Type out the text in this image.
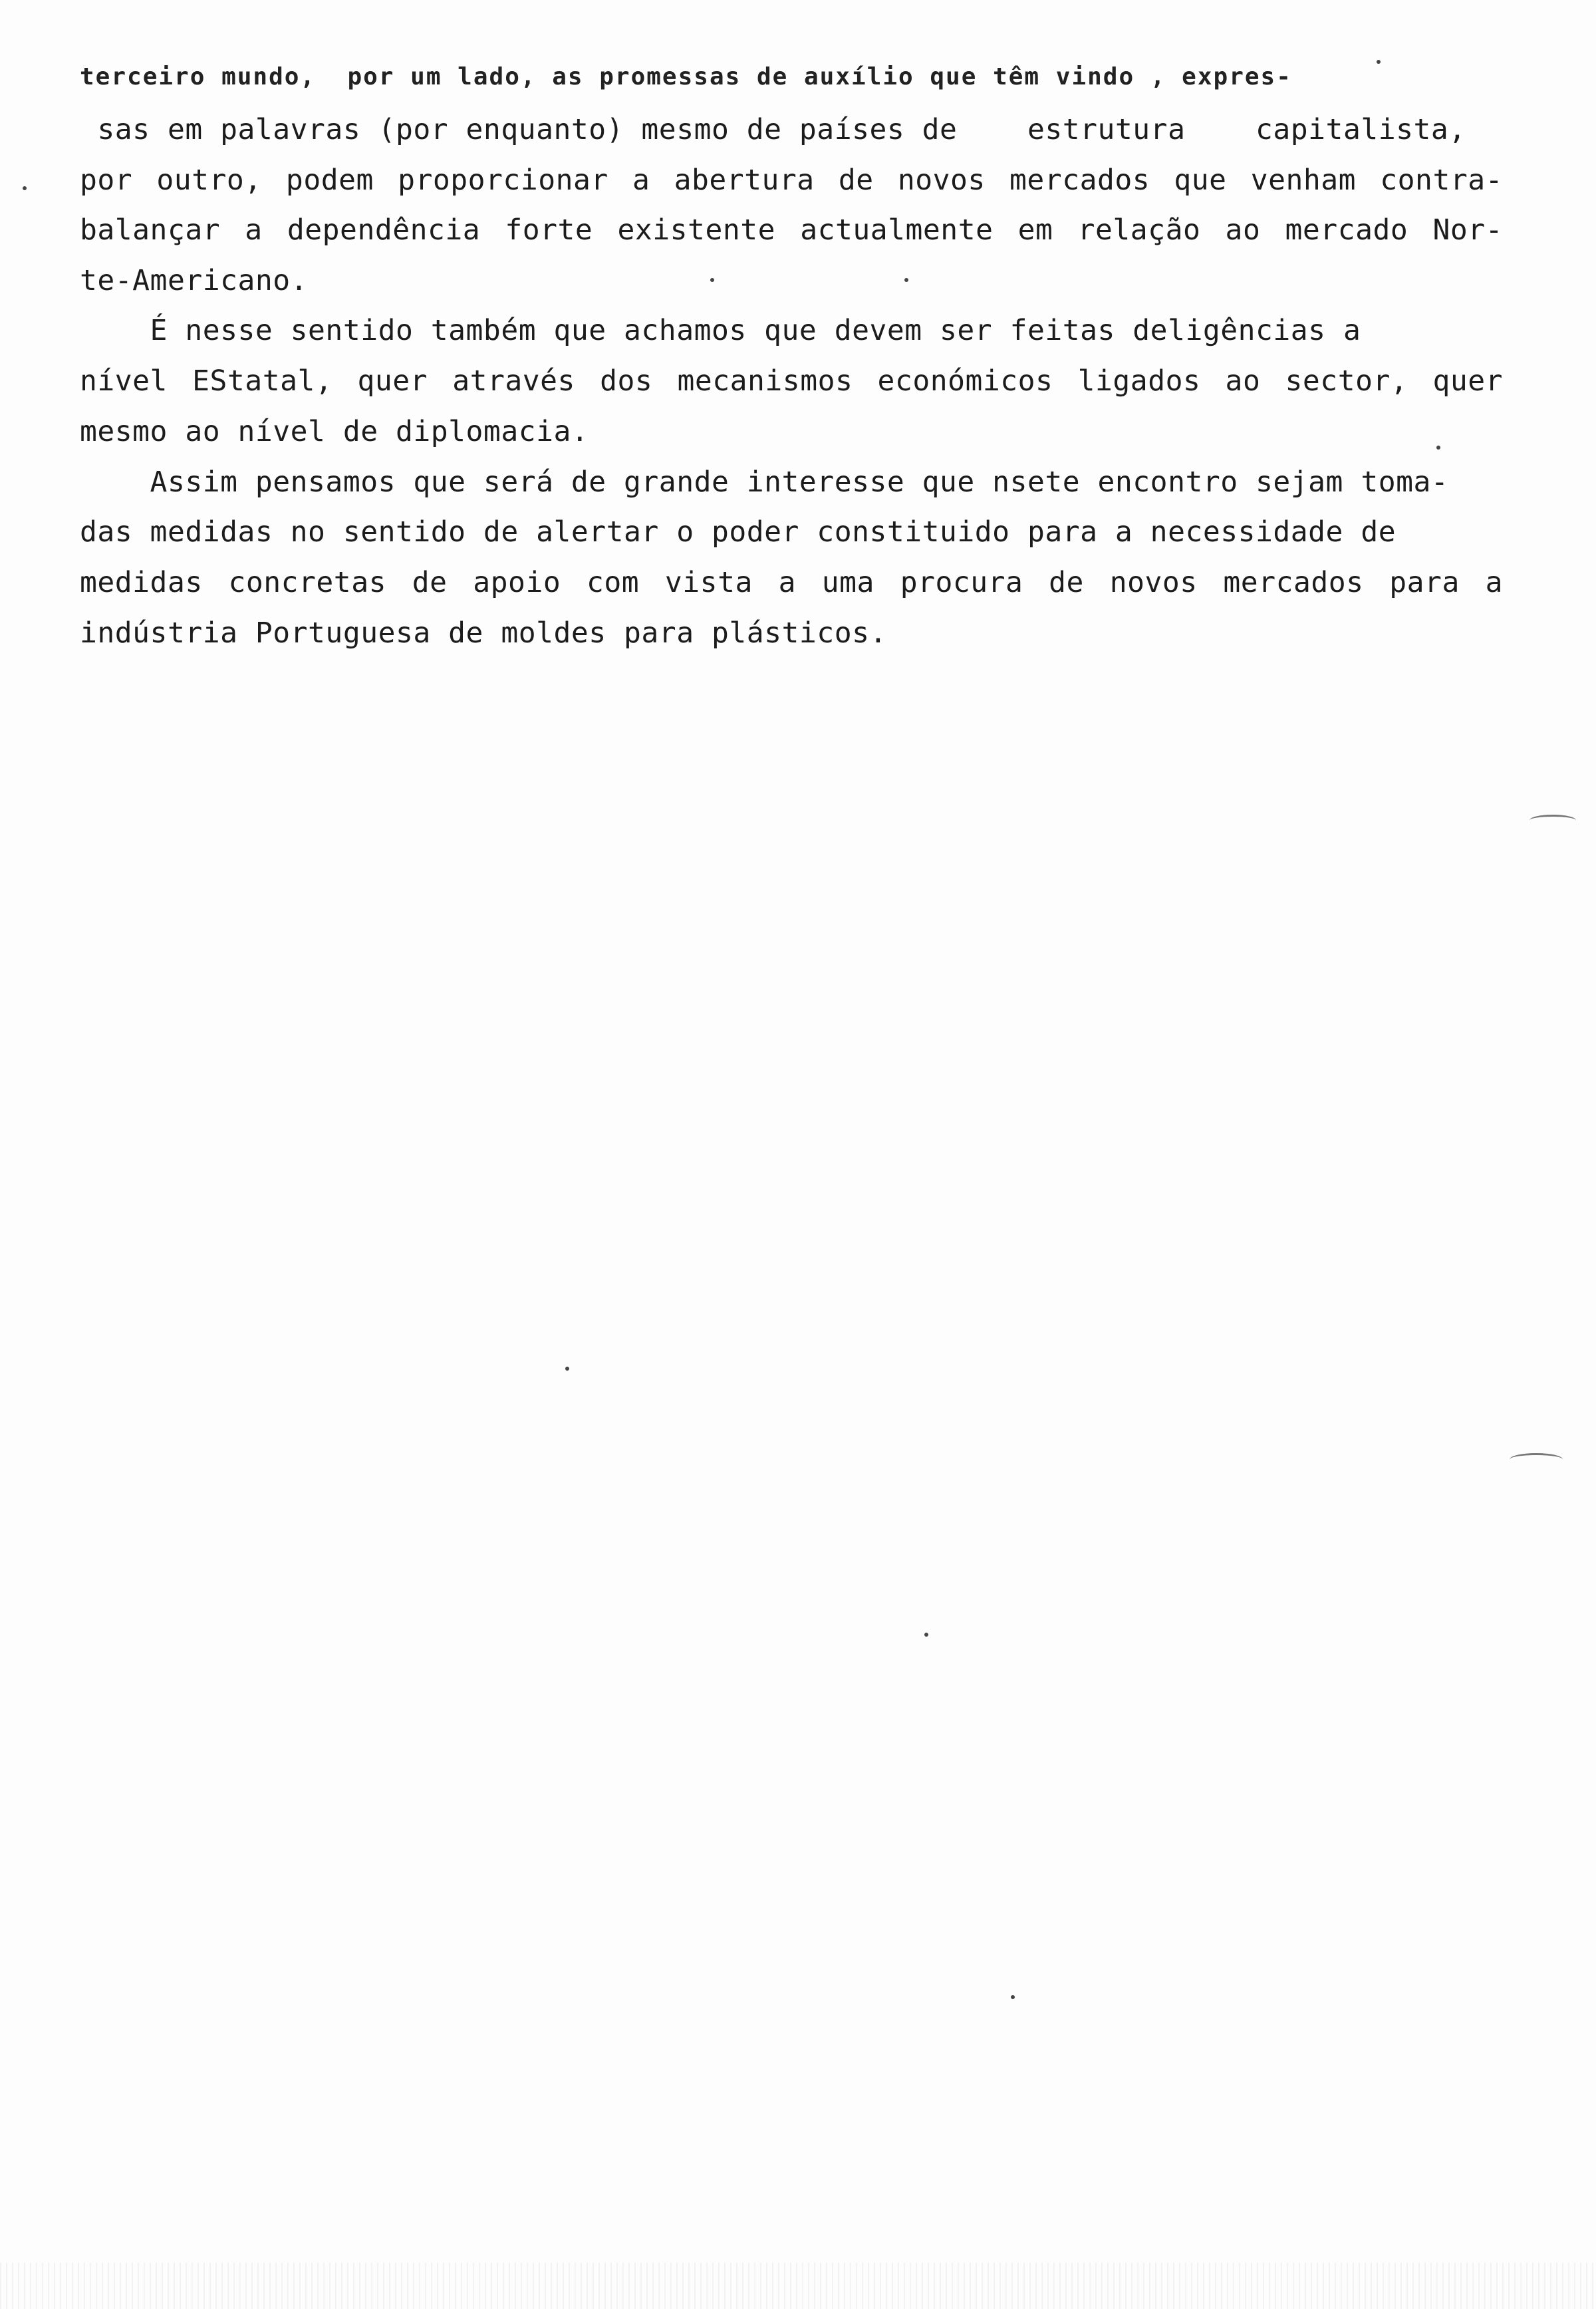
terceiro mundo,  por um lado, as promessas de auxílio que têm vindo , expres-
sas em palavras (por enquanto) mesmo de países de    estrutura    capitalista,
por outro, podem proporcionar a abertura de novos mercados que venham contra-
balançar a dependência forte existente actualmente em relação ao mercado Nor-
te-Americano.
É nesse sentido também que achamos que devem ser feitas deligências a
nível EStatal, quer através dos mecanismos económicos ligados ao sector, quer
mesmo ao nível de diplomacia.
Assim pensamos que será de grande interesse que nsete encontro sejam toma-
das medidas no sentido de alertar o poder constituido para a necessidade de
medidas concretas de apoio com vista a uma procura de novos mercados para a
indústria Portuguesa de moldes para plásticos.
